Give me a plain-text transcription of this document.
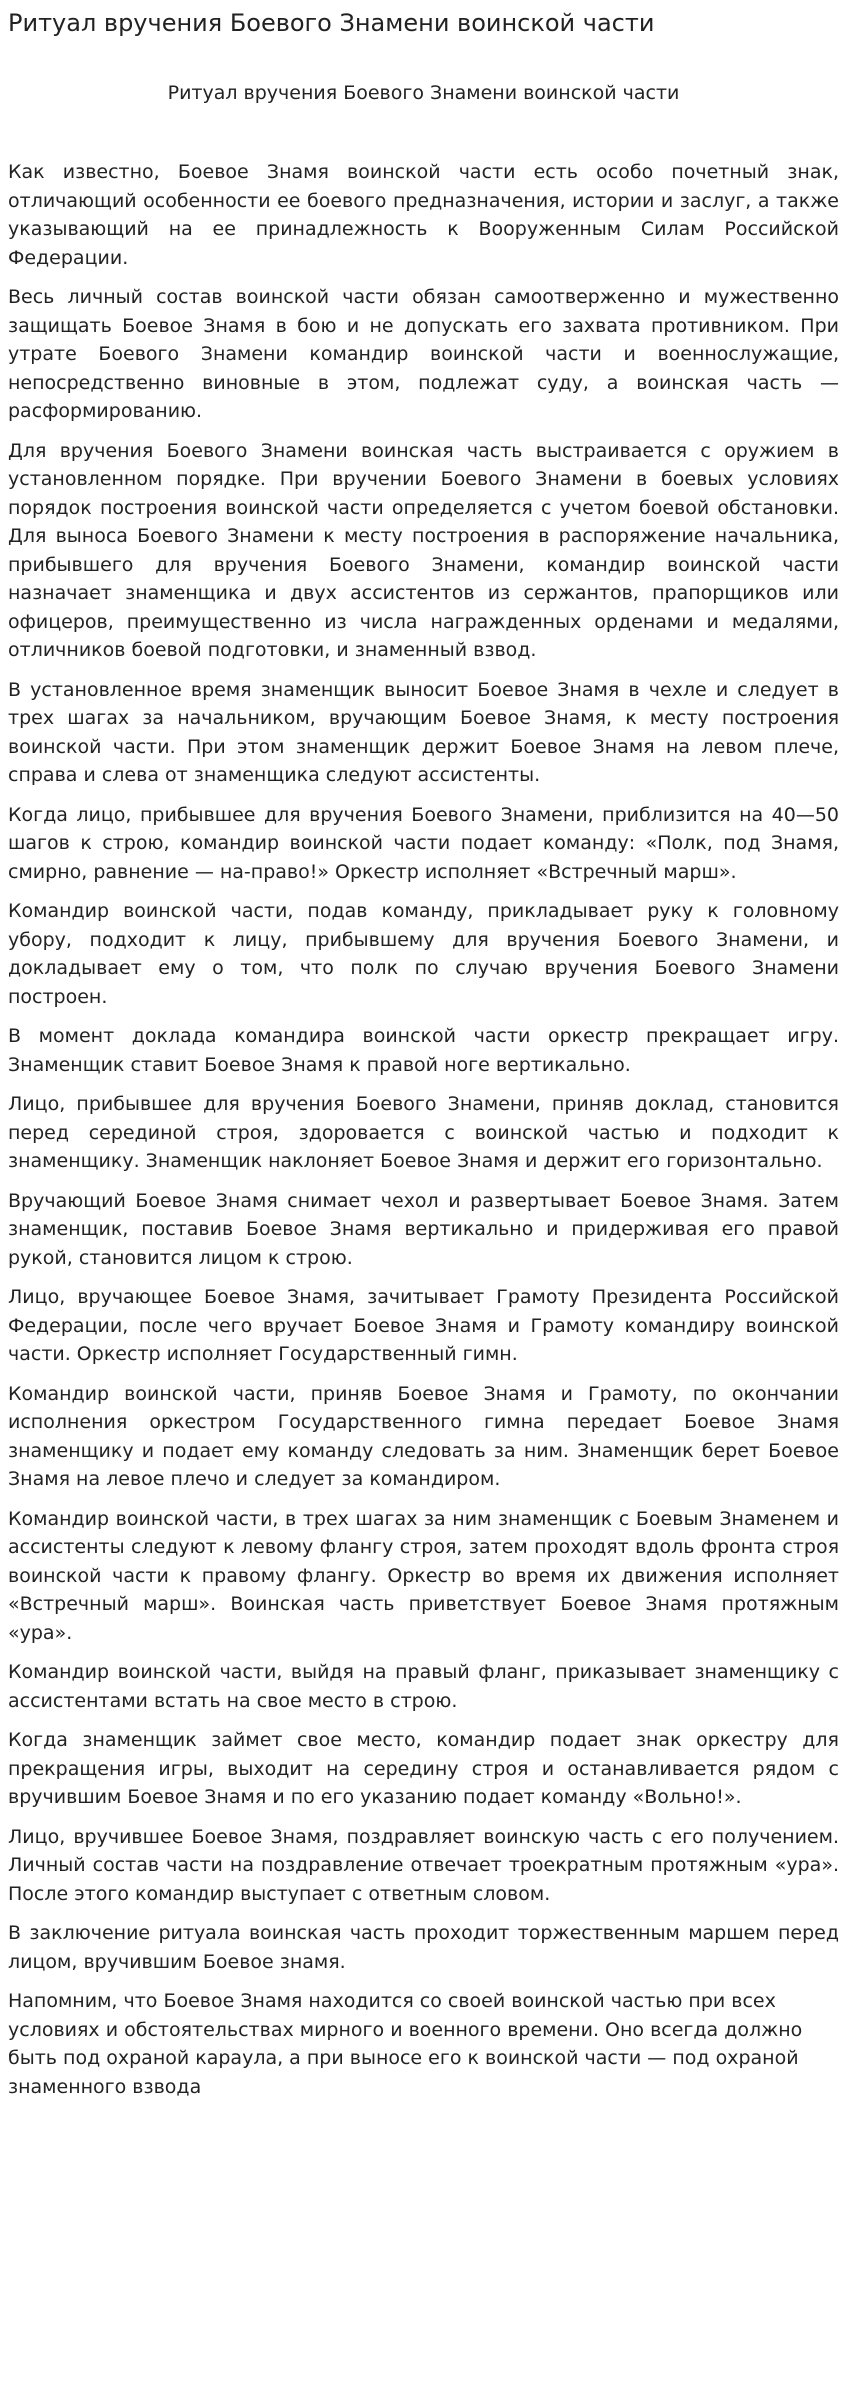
Ритуал вручения Боевого Знамени воинской части
Ритуал вручения Боевого Знамени воинской части

Как известно, Боевое Знамя воинской части есть особо почетный знак, отличающий особенности ее боевого предназначения, истории и заслуг, а также указывающий на ее принадлежность к Вооруженным Силам Российской Федерации.

Весь личный состав воинской части обязан самоотверженно и мужественно защищать Боевое Знамя в бою и не допускать его захвата противником. При утрате Боевого Знамени командир воинской части и военнослужащие, непосредственно виновные в этом, подлежат суду, а воинская часть — расформированию.

Для вручения Боевого Знамени воинская часть выстраивается с оружием в установленном порядке. При вручении Боевого Знамени в боевых условиях порядок построения воинской части определяется с учетом боевой обстановки. Для выноса Боевого Знамени к месту построения в распоряжение начальника, прибывшего для вручения Боевого Знамени, командир воинской части назначает знаменщика и двух ассистентов из сержантов, прапорщиков или офицеров, преимущественно из числа награжденных орденами и медалями, отличников боевой подготовки, и знаменный взвод.

В установленное время знаменщик выносит Боевое Знамя в чехле и следует в трех шагах за начальником, вручающим Боевое Знамя, к месту построения воинской части. При этом знаменщик держит Боевое Знамя на левом плече, справа и слева от знаменщика следуют ассистенты.

Когда лицо, прибывшее для вручения Боевого Знамени, приблизится на 40—50 шагов к строю, командир воинской части подает команду: «Полк, под Знамя, смирно, равнение — на-право!» Оркестр исполняет «Встречный марш».

Командир воинской части, подав команду, прикладывает руку к головному убору, подходит к лицу, прибывшему для вручения Боевого Знамени, и докладывает ему о том, что полк по случаю вручения Боевого Знамени построен.

В момент доклада командира воинской части оркестр прекращает игру. Знаменщик ставит Боевое Знамя к правой ноге вертикально.

Лицо, прибывшее для вручения Боевого Знамени, приняв доклад, становится перед серединой строя, здоровается с воинской частью и подходит к знаменщику. Знаменщик наклоняет Боевое Знамя и держит его горизонтально.

Вручающий Боевое Знамя снимает чехол и развертывает Боевое Знамя. Затем знаменщик, поставив Боевое Знамя вертикально и придерживая его правой рукой, становится лицом к строю.

Лицо, вручающее Боевое Знамя, зачитывает Грамоту Президента Российской Федерации, после чего вручает Боевое Знамя и Грамоту командиру воинской части. Оркестр исполняет Государственный гимн.

Командир воинской части, приняв Боевое Знамя и Грамоту, по окончании исполнения оркестром Государственного гимна передает Боевое Знамя знаменщику и подает ему команду следовать за ним. Знаменщик берет Боевое Знамя на левое плечо и следует за командиром.

Командир воинской части, в трех шагах за ним знаменщик с Боевым Знаменем и ассистенты следуют к левому флангу строя, затем проходят вдоль фронта строя воинской части к правому флангу. Оркестр во время их движения исполняет «Встречный марш». Воинская часть приветствует Боевое Знамя протяжным «ура».

Командир воинской части, выйдя на правый фланг, приказывает знаменщику с ассистентами встать на свое место в строю.

Когда знаменщик займет свое место, командир подает знак оркестру для прекращения игры, выходит на середину строя и останавливается рядом с вручившим Боевое Знамя и по его указанию подает команду «Вольно!».

Лицо, вручившее Боевое Знамя, поздравляет воинскую часть с его получением. Личный состав части на поздравление отвечает троекратным протяжным «ура». После этого командир выступает с ответным словом.

В заключение ритуала воинская часть проходит торжественным маршем перед лицом, вручившим Боевое знамя.

Напомним, что Боевое Знамя находится со своей воинской частью при всех условиях и обстоятельствах мирного и военного времени. Оно всегда должно быть под охраной караула, а при выносе его к воинской части — под охраной знаменного взвода
